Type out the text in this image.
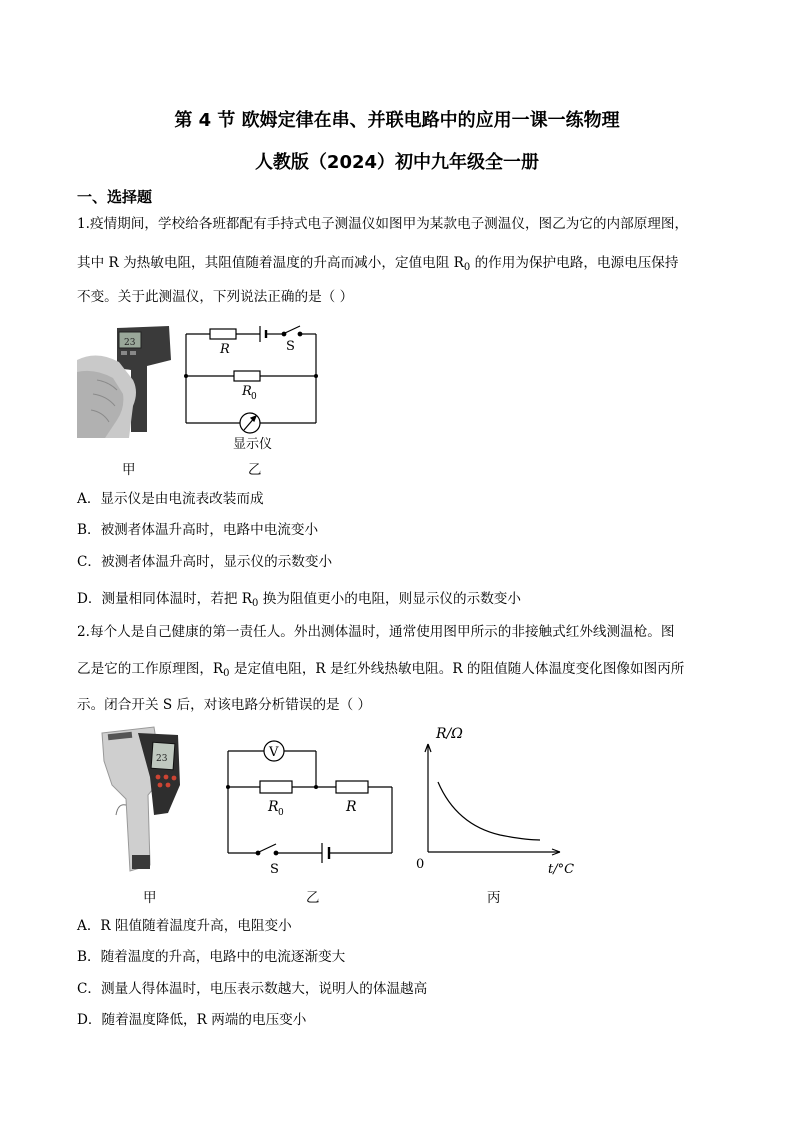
第 4 节 欧姆定律在串、并联电路中的应用一课一练物理
人教版（2024）初中九年级全一册
一、选择题
1.疫情期间，学校给各班都配有手持式电子测温仪如图甲为某款电子测温仪，图乙为它的内部原理图，
其中 R 为热敏电阻，其阻值随着温度的升高而减小，定值电阻 $R_0$ 的作用为保护电路，电源电压保持
不变。关于此测温仪，下列说法正确的是（ ）
23	R	S
R 0
显示仪
甲	乙
A．显示仪是由电流表改装而成
B．被测者体温升高时，电路中电流变小
C．被测者体温升高时，显示仪的示数变小
D．测量相同体温时，若把 $R_0$ 换为阻值更小的电阻，则显示仪的示数变小
2.每个人是自己健康的第一责任人。外出测体温时，通常使用图甲所示的非接触式红外线测温枪。图
乙是它的工作原理图，$R_0$ 是定值电阻，R 是红外线热敏电阻。R 的阻值随人体温度变化图像如图丙所
示。闭合开关 S 后，对该电路分析错误的是（ ）
23	V
R 0	R
S
R/Ω
t/°C
0
甲	乙	丙
A．R 阻值随着温度升高，电阻变小
B．随着温度的升高，电路中的电流逐渐变大
C．测量人得体温时，电压表示数越大，说明人的体温越高
D．随着温度降低，R 两端的电压变小
